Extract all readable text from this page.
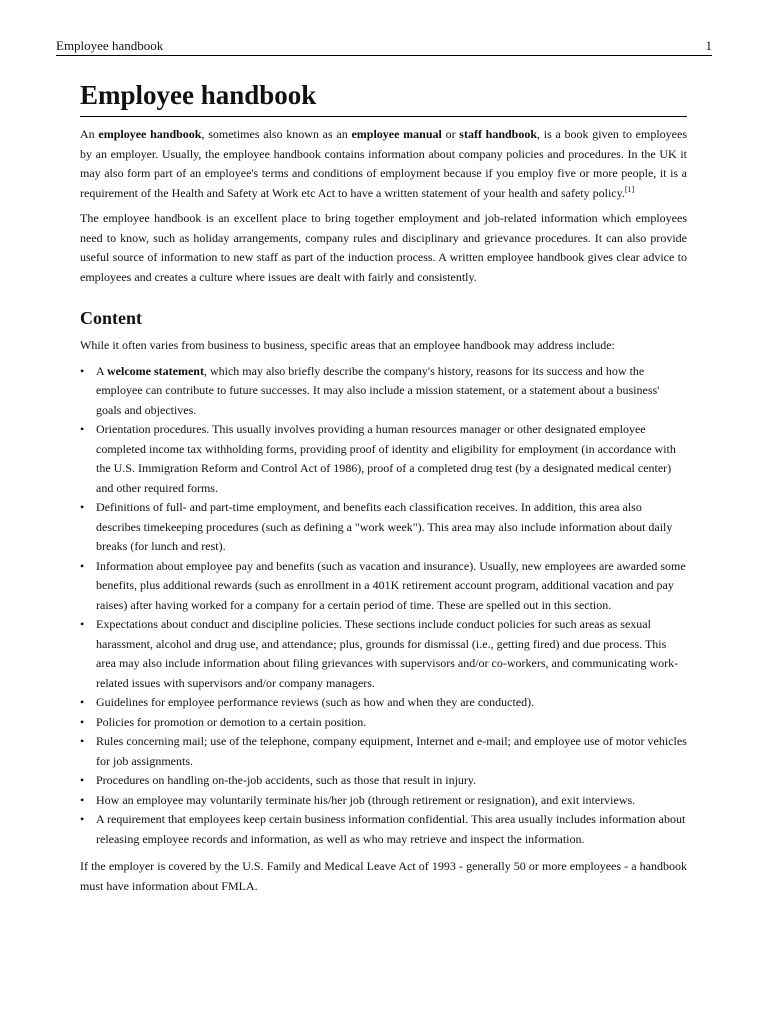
Employee handbook	1
Employee handbook

An employee handbook, sometimes also known as an employee manual or staff handbook, is a book given to employees by an employer. Usually, the employee handbook contains information about company policies and procedures. In the UK it may also form part of an employee's terms and conditions of employment because if you employ five or more people, it is a requirement of the Health and Safety at Work etc Act to have a written statement of your health and safety policy.[1]

The employee handbook is an excellent place to bring together employment and job-related information which employees need to know, such as holiday arrangements, company rules and disciplinary and grievance procedures. It can also provide useful source of information to new staff as part of the induction process. A written employee handbook gives clear advice to employees and creates a culture where issues are dealt with fairly and consistently.

Content

While it often varies from business to business, specific areas that an employee handbook may address include:

• A welcome statement, which may also briefly describe the company's history, reasons for its success and how the employee can contribute to future successes. It may also include a mission statement, or a statement about a business' goals and objectives.
• Orientation procedures. This usually involves providing a human resources manager or other designated employee completed income tax withholding forms, providing proof of identity and eligibility for employment (in accordance with the U.S. Immigration Reform and Control Act of 1986), proof of a completed drug test (by a designated medical center) and other required forms.
• Definitions of full- and part-time employment, and benefits each classification receives. In addition, this area also describes timekeeping procedures (such as defining a "work week"). This area may also include information about daily breaks (for lunch and rest).
• Information about employee pay and benefits (such as vacation and insurance). Usually, new employees are awarded some benefits, plus additional rewards (such as enrollment in a 401K retirement account program, additional vacation and pay raises) after having worked for a company for a certain period of time. These are spelled out in this section.
• Expectations about conduct and discipline policies. These sections include conduct policies for such areas as sexual harassment, alcohol and drug use, and attendance; plus, grounds for dismissal (i.e., getting fired) and due process. This area may also include information about filing grievances with supervisors and/or co-workers, and communicating work-related issues with supervisors and/or company managers.
• Guidelines for employee performance reviews (such as how and when they are conducted).
• Policies for promotion or demotion to a certain position.
• Rules concerning mail; use of the telephone, company equipment, Internet and e-mail; and employee use of motor vehicles for job assignments.
• Procedures on handling on-the-job accidents, such as those that result in injury.
• How an employee may voluntarily terminate his/her job (through retirement or resignation), and exit interviews.
• A requirement that employees keep certain business information confidential. This area usually includes information about releasing employee records and information, as well as who may retrieve and inspect the information.

If the employer is covered by the U.S. Family and Medical Leave Act of 1993 - generally 50 or more employees - a handbook must have information about FMLA.
